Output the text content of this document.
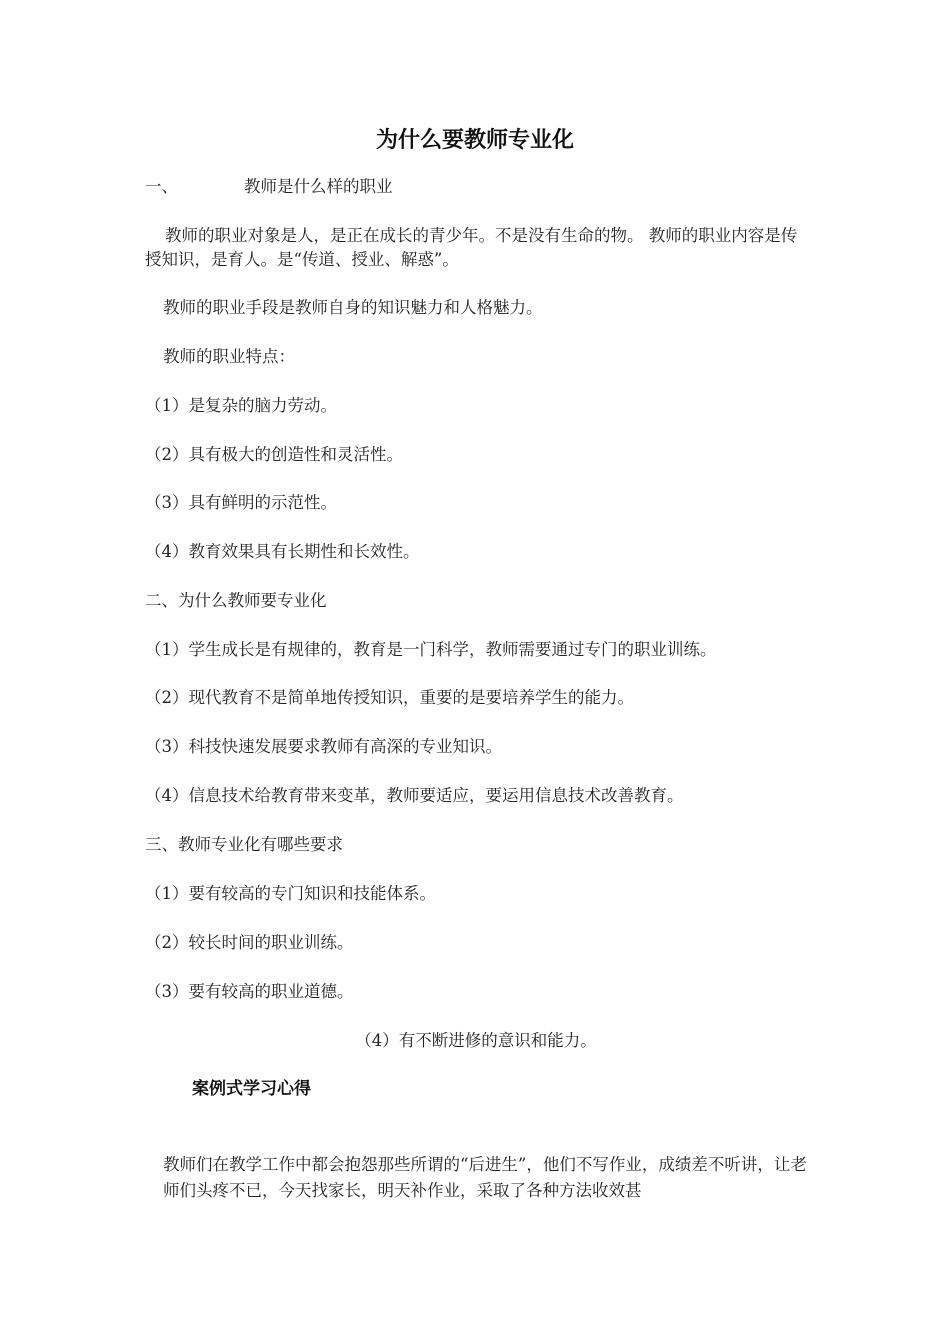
为什么要教师专业化
一、	教师是什么样的职业
教师的职业对象是人，是正在成长的青少年。不是没有生命的物。 教师的职业内容是传授知识，是育人。是“传道、授业、解惑”。
教师的职业手段是教师自身的知识魅力和人格魅力。
教师的职业特点：
（1）是复杂的脑力劳动。
（2）具有极大的创造性和灵活性。
（3）具有鲜明的示范性。
（4）教育效果具有长期性和长效性。
二、为什么教师要专业化
（1）学生成长是有规律的，教育是一门科学，教师需要通过专门的职业训练。
（2）现代教育不是简单地传授知识，重要的是要培养学生的能力。
（3）科技快速发展要求教师有高深的专业知识。
（4）信息技术给教育带来变革，教师要适应，要运用信息技术改善教育。
三、教师专业化有哪些要求
（1）要有较高的专门知识和技能体系。
（2）较长时间的职业训练。
（3）要有较高的职业道德。
（4）有不断进修的意识和能力。
案例式学习心得
教师们在教学工作中都会抱怨那些所谓的“后进生”，他们不写作业，成绩差不听讲，让老师们头疼不已，今天找家长，明天补作业，采取了各种方法收效甚
